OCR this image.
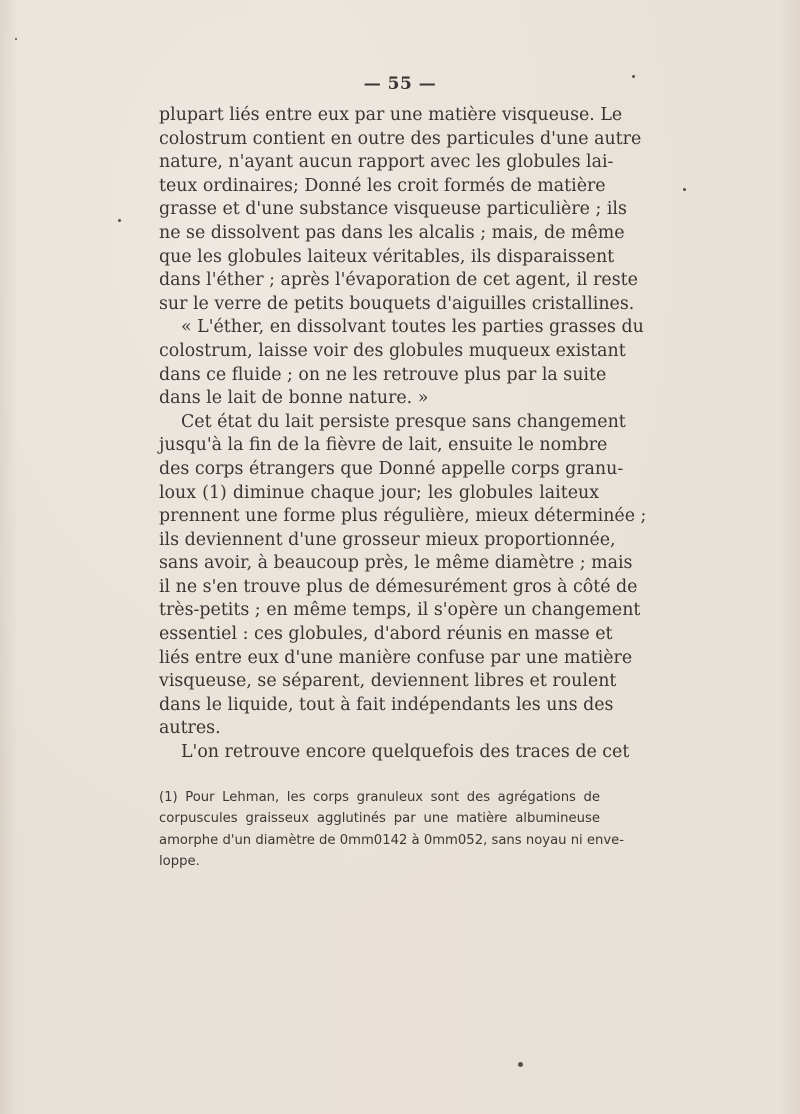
— 55 —
plupart liés entre eux par une matière visqueuse. Le
colostrum contient en outre des particules d'une autre
nature, n'ayant aucun rapport avec les globules lai-
teux ordinaires; Donné les croit formés de matière
grasse et d'une substance visqueuse particulière ; ils
ne se dissolvent pas dans les alcalis ; mais, de même
que les globules laiteux véritables, ils disparaissent
dans l'éther ; après l'évaporation de cet agent, il reste
sur le verre de petits bouquets d'aiguilles cristallines.
« L'éther, en dissolvant toutes les parties grasses du
colostrum, laisse voir des globules muqueux existant
dans ce fluide ; on ne les retrouve plus par la suite
dans le lait de bonne nature. »
Cet état du lait persiste presque sans changement
jusqu'à la fin de la fièvre de lait, ensuite le nombre
des corps étrangers que Donné appelle corps granu-
loux (1) diminue chaque jour; les globules laiteux
prennent une forme plus régulière, mieux déterminée ;
ils deviennent d'une grosseur mieux proportionnée,
sans avoir, à beaucoup près, le même diamètre ; mais
il ne s'en trouve plus de démesurément gros à côté de
très-petits ; en même temps, il s'opère un changement
essentiel : ces globules, d'abord réunis en masse et
liés entre eux d'une manière confuse par une matière
visqueuse, se séparent, deviennent libres et roulent
dans le liquide, tout à fait indépendants les uns des
autres.
L'on retrouve encore quelquefois des traces de cet
(1) Pour Lehman, les corps granuleux sont des agrégations de
corpuscules graisseux agglutinés par une matière albumineuse
amorphe d'un diamètre de 0mm0142 à 0mm052, sans noyau ni enve-
loppe.
